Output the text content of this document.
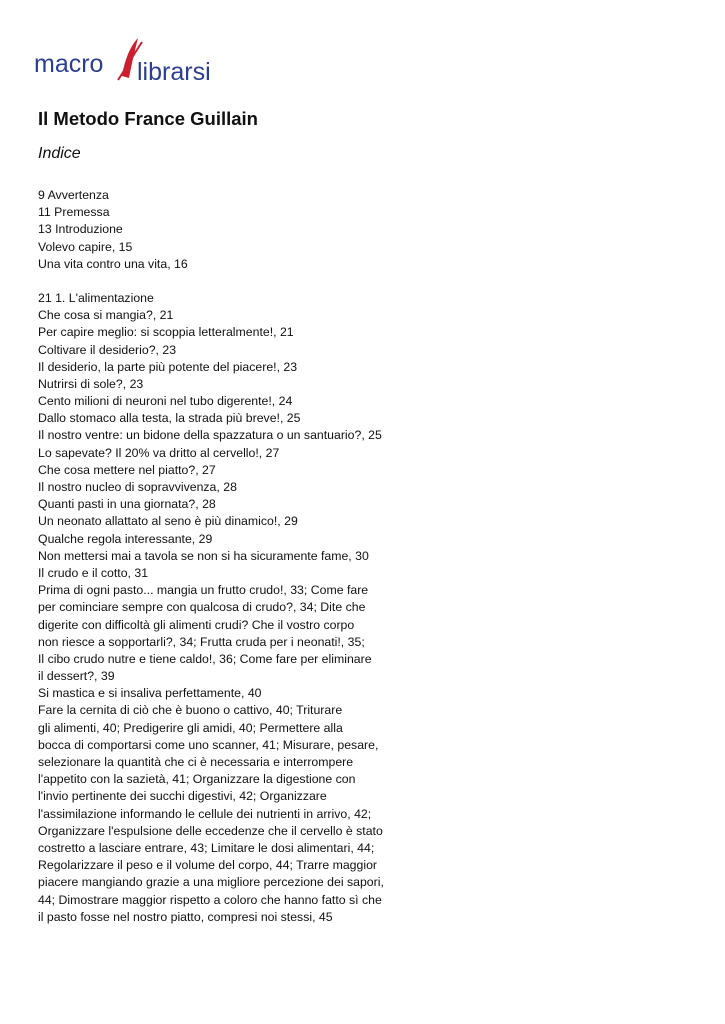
macro librarsi
Il Metodo France Guillain
Indice
9 Avvertenza
11 Premessa
13 Introduzione
Volevo capire, 15
Una vita contro una vita, 16
21 1. L'alimentazione
Che cosa si mangia?, 21
Per capire meglio: si scoppia letteralmente!, 21
Coltivare il desiderio?, 23
Il desiderio, la parte più potente del piacere!, 23
Nutrirsi di sole?, 23
Cento milioni di neuroni nel tubo digerente!, 24
Dallo stomaco alla testa, la strada più breve!, 25
Il nostro ventre: un bidone della spazzatura o un santuario?, 25
Lo sapevate? Il 20% va dritto al cervello!, 27
Che cosa mettere nel piatto?, 27
Il nostro nucleo di sopravvivenza, 28
Quanti pasti in una giornata?, 28
Un neonato allattato al seno è più dinamico!, 29
Qualche regola interessante, 29
Non mettersi mai a tavola se non si ha sicuramente fame, 30
Il crudo e il cotto, 31
Prima di ogni pasto... mangia un frutto crudo!, 33; Come fare
per cominciare sempre con qualcosa di crudo?, 34; Dite che
digerite con difficoltà gli alimenti crudi? Che il vostro corpo
non riesce a sopportarli?, 34; Frutta cruda per i neonati!, 35;
Il cibo crudo nutre e tiene caldo!, 36; Come fare per eliminare
il dessert?, 39
Si mastica e si insaliva perfettamente, 40
Fare la cernita di ciò che è buono o cattivo, 40; Triturare
gli alimenti, 40; Predigerire gli amidi, 40; Permettere alla
bocca di comportarsi come uno scanner, 41; Misurare, pesare,
selezionare la quantità che ci è necessaria e interrompere
l'appetito con la sazietà, 41; Organizzare la digestione con
l'invio pertinente dei succhi digestivi, 42; Organizzare
l'assimilazione informando le cellule dei nutrienti in arrivo, 42;
Organizzare l'espulsione delle eccedenze che il cervello è stato
costretto a lasciare entrare, 43; Limitare le dosi alimentari, 44;
Regolarizzare il peso e il volume del corpo, 44; Trarre maggior
piacere mangiando grazie a una migliore percezione dei sapori,
44; Dimostrare maggior rispetto a coloro che hanno fatto sì che
il pasto fosse nel nostro piatto, compresi noi stessi, 45
